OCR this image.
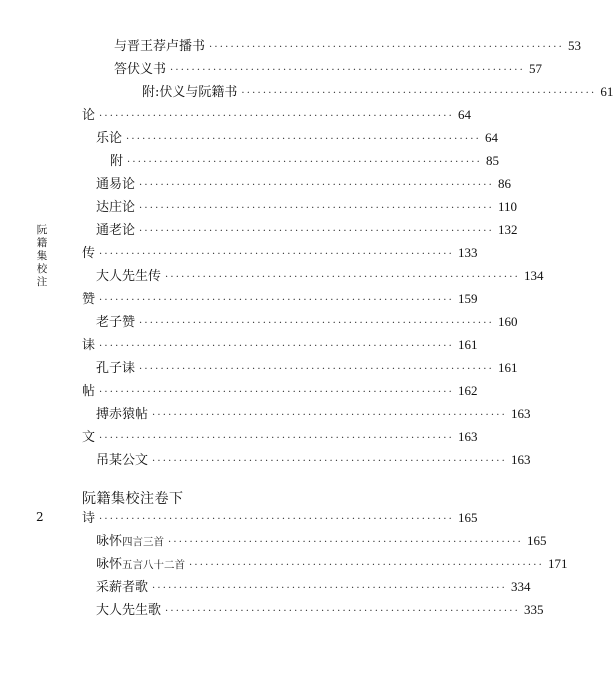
阮籍集校注
2
阮籍集校注卷下
与晋王荐卢播书 ·································································· 53
答伏义书 ·································································· 57
附:伏义与阮籍书 ·································································· 61
论 ·································································· 64
乐论 ·································································· 64
附 ·································································· 85
通易论 ·································································· 86
达庄论 ·································································· 110
通老论 ·································································· 132
传 ·································································· 133
大人先生传 ·································································· 134
赞 ·································································· 159
老子赞 ·································································· 160
诔 ·································································· 161
孔子诔 ·································································· 161
帖 ·································································· 162
搏赤猿帖 ·································································· 163
文 ·································································· 163
吊某公文 ·································································· 163
诗 ·································································· 165
咏怀四言三首 ·································································· 165
咏怀五言八十二首 ·································································· 171
采薪者歌 ·································································· 334
大人先生歌 ·································································· 335
